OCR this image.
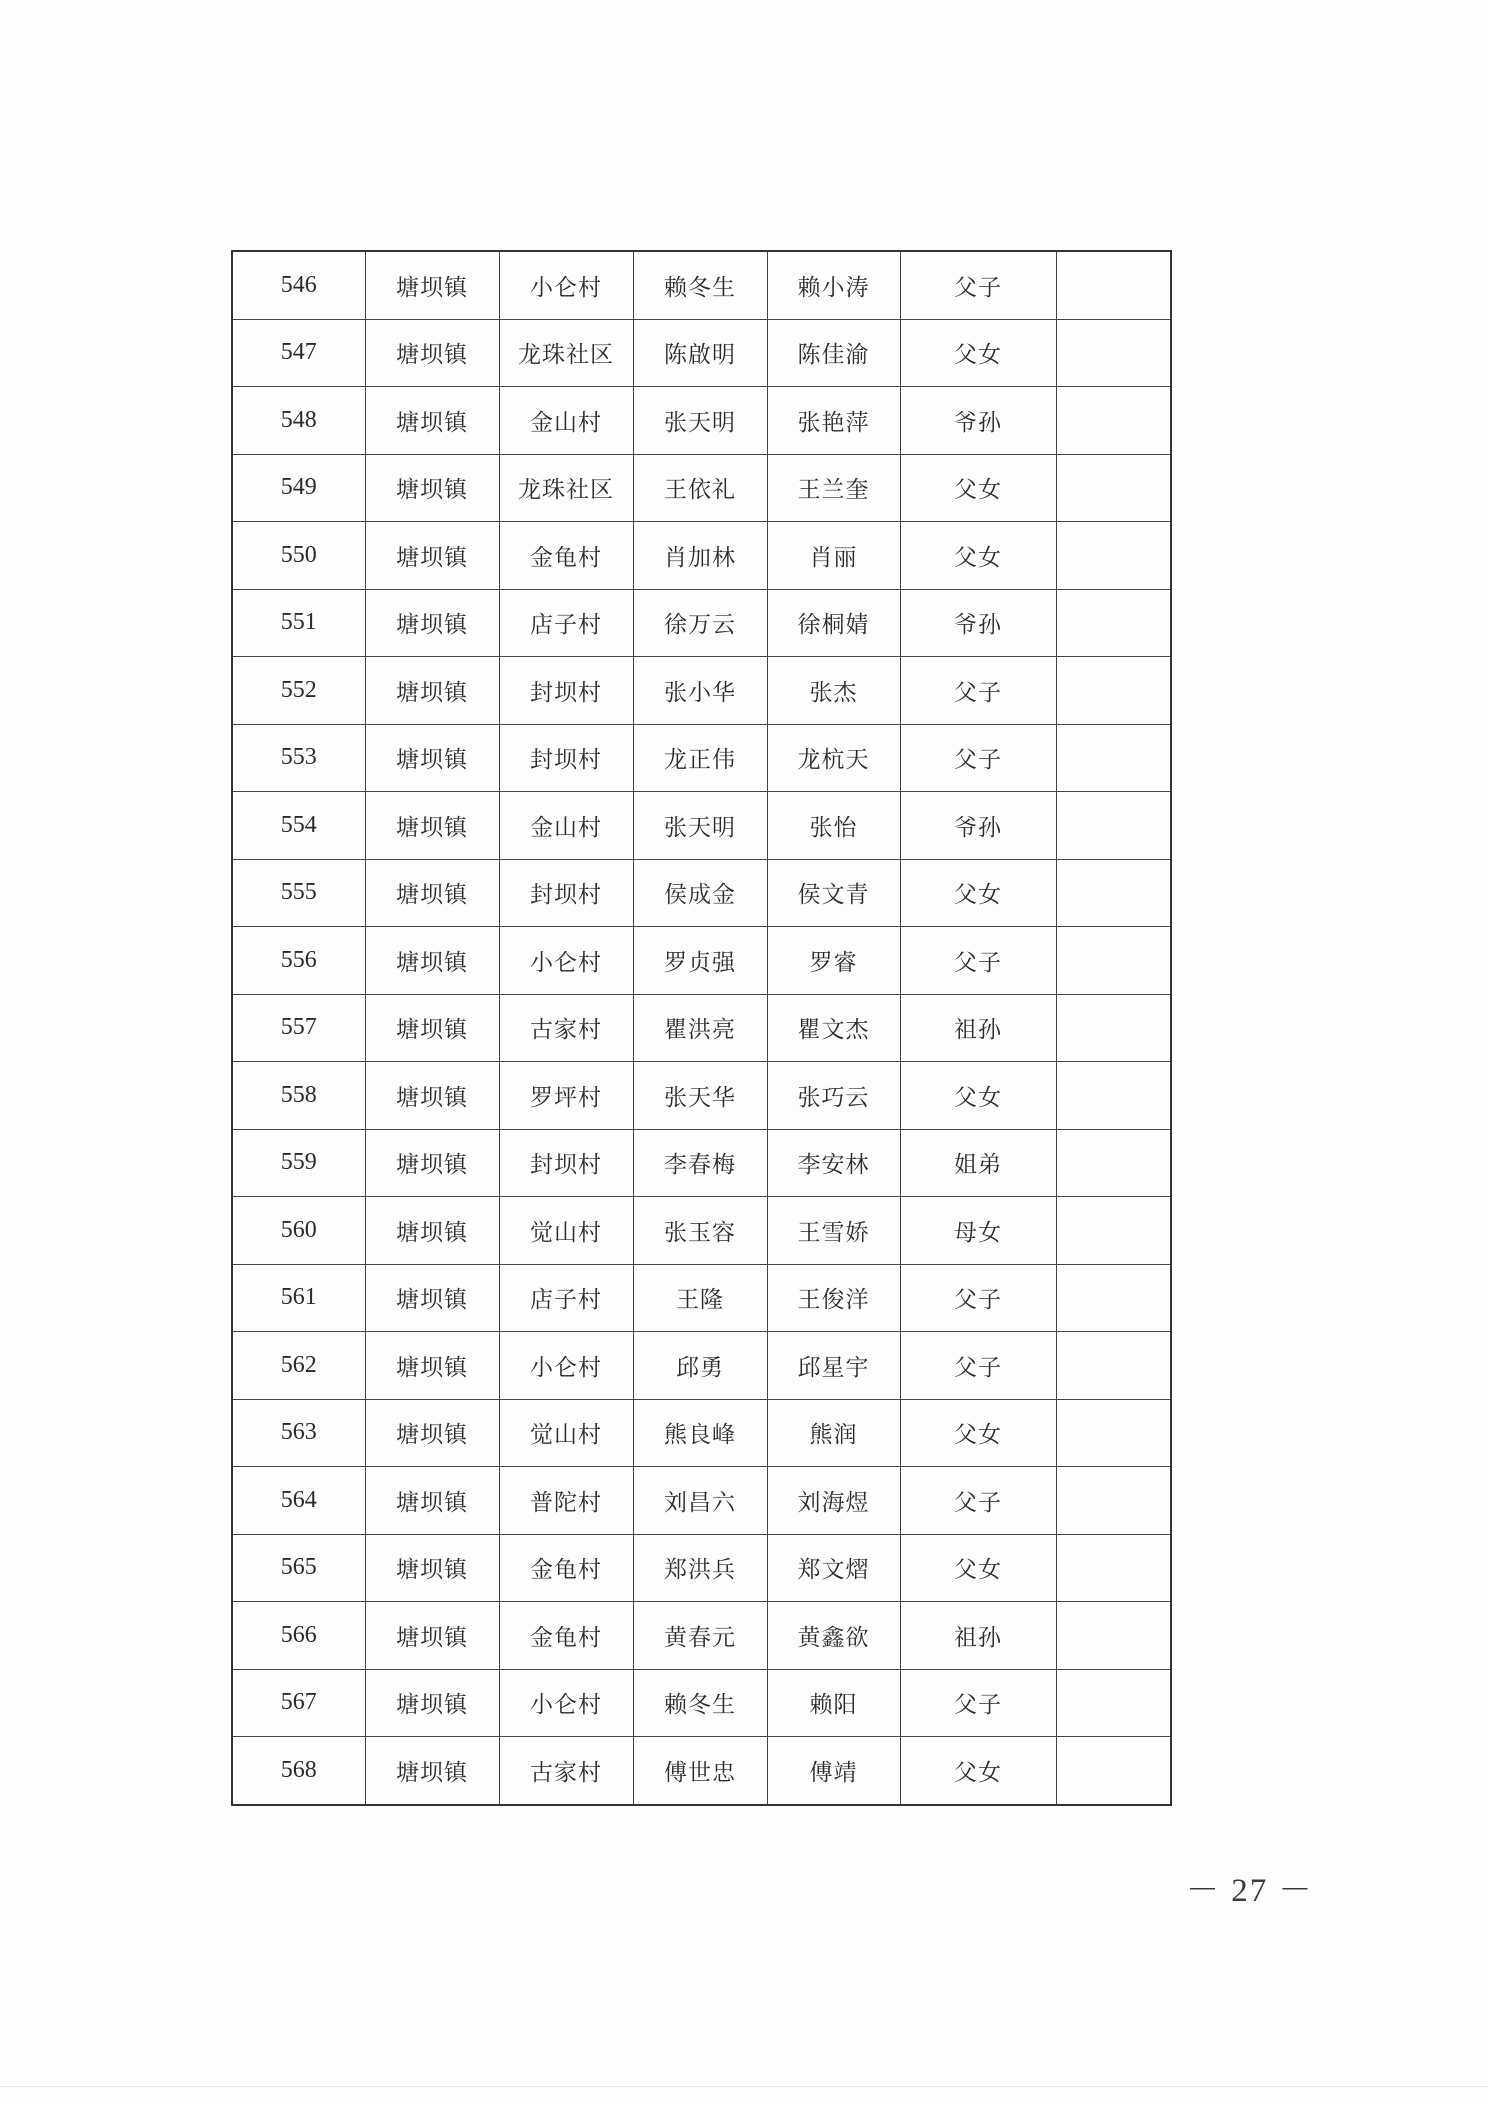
546	塘坝镇	小仑村	赖冬生	赖小涛	父子	
547	塘坝镇	龙珠社区	陈啟明	陈佳渝	父女	
548	塘坝镇	金山村	张天明	张艳萍	爷孙	
549	塘坝镇	龙珠社区	王依礼	王兰奎	父女	
550	塘坝镇	金龟村	肖加林	肖丽	父女	
551	塘坝镇	店子村	徐万云	徐桐婧	爷孙	
552	塘坝镇	封坝村	张小华	张杰	父子	
553	塘坝镇	封坝村	龙正伟	龙杭天	父子	
554	塘坝镇	金山村	张天明	张怡	爷孙	
555	塘坝镇	封坝村	侯成金	侯文青	父女	
556	塘坝镇	小仑村	罗贞强	罗睿	父子	
557	塘坝镇	古家村	瞿洪亮	瞿文杰	祖孙	
558	塘坝镇	罗坪村	张天华	张巧云	父女	
559	塘坝镇	封坝村	李春梅	李安林	姐弟	
560	塘坝镇	觉山村	张玉容	王雪娇	母女	
561	塘坝镇	店子村	王隆	王俊洋	父子	
562	塘坝镇	小仑村	邱勇	邱星宇	父子	
563	塘坝镇	觉山村	熊良峰	熊润	父女	
564	塘坝镇	普陀村	刘昌六	刘海煜	父子	
565	塘坝镇	金龟村	郑洪兵	郑文熠	父女	
566	塘坝镇	金龟村	黄春元	黄鑫欲	祖孙	
567	塘坝镇	小仑村	赖冬生	赖阳	父子	
568	塘坝镇	古家村	傅世忠	傅靖	父女	
－ 27 －
